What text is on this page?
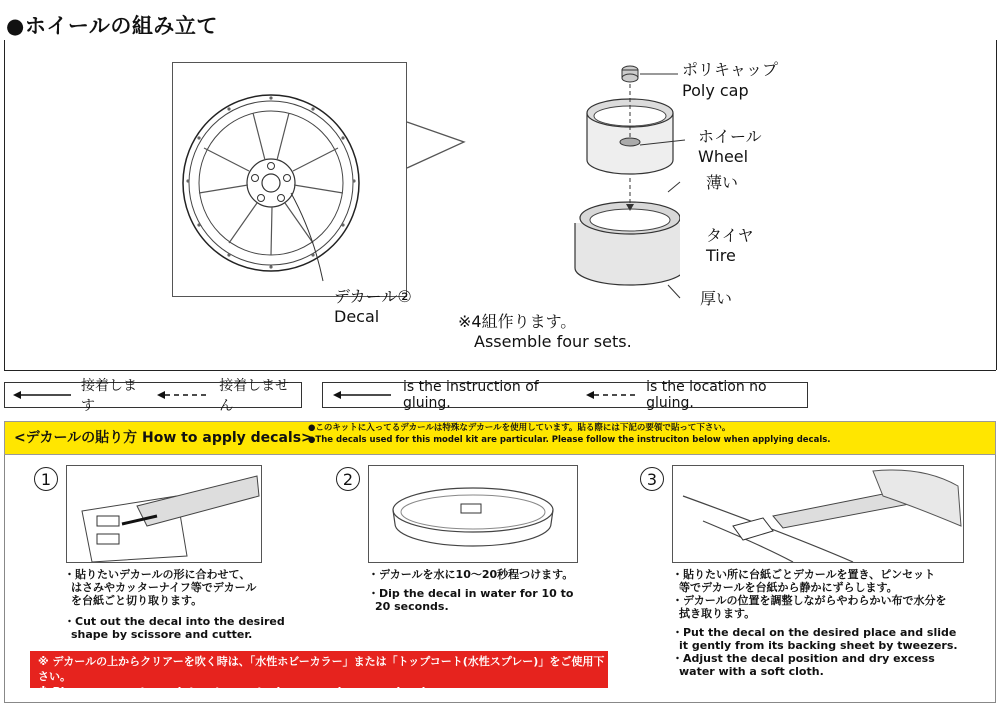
●ホイールの組み立て
デカール②
Decal
ポリキャップ
Poly cap
ホイール
Wheel
薄い
タイヤ
Tire
厚い
※4組作ります。
Assemble four sets.
接着します
接着しません
is the instruction of gluing.
is the location no gluing.
<デカールの貼り方 How to apply decals>
●このキットに入ってるデカールは特殊なデカールを使用しています。貼る際には下記の要領で貼って下さい。
●The decals used for this model kit are particular. Please follow the instruciton below when applying decals.
1

・貼りたいデカールの形に合わせて、

はさみやカッターナイフ等でデカール

を台紙ごと切り取ります。

・Cut out the decal into the desired

shape by scissore and cutter.

2

・デカールを水に10～20秒程つけます。

・Dip the decal in water for 10 to

20 seconds.

3

・貼りたい所に台紙ごとデカールを置き、ピンセット

等でデカールを台紙から静かにずらします。

・デカールの位置を調整しながらやわらかい布で水分を

拭き取ります。

・Put the decal on the desired place and slide

it gently from its backing sheet by tweezers.

・Adjust the decal position and dry excess

water with a soft cloth.

※ デカールの上からクリアーを吹く時は、「水性ホビーカラー」または「トップコート(水性スプレー)」をご使用下さい。

※ Please use water paint or topcoat when spraying over decals.
